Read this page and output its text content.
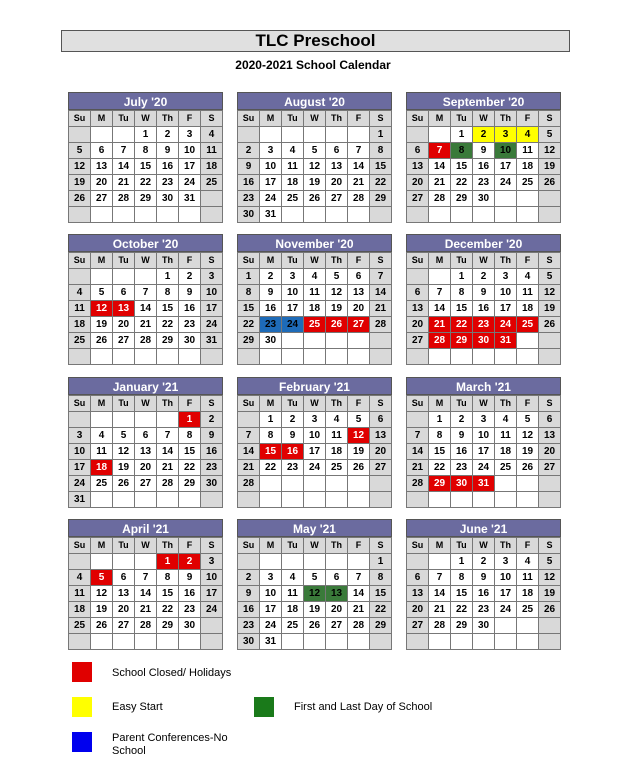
TLC Preschool
2020-2021 School Calendar
July '20
Su	M	Tu	W	Th	F	S
			1	2	3	4
5	6	7	8	9	10	11
12	13	14	15	16	17	18
19	20	21	22	23	24	25
26	27	28	29	30	31	

August '20
Su	M	Tu	W	Th	F	S
						1
2	3	4	5	6	7	8
9	10	11	12	13	14	15
16	17	18	19	20	21	22
23	24	25	26	27	28	29
30	31					
September '20
Su	M	Tu	W	Th	F	S
		1	2	3	4	5
6	7	8	9	10	11	12
13	14	15	16	17	18	19
20	21	22	23	24	25	26
27	28	29	30			

October '20
Su	M	Tu	W	Th	F	S
				1	2	3
4	5	6	7	8	9	10
11	12	13	14	15	16	17
18	19	20	21	22	23	24
25	26	27	28	29	30	31

November '20
Su	M	Tu	W	Th	F	S
1	2	3	4	5	6	7
8	9	10	11	12	13	14
15	16	17	18	19	20	21
22	23	24	25	26	27	28
29	30					

December '20
Su	M	Tu	W	Th	F	S
		1	2	3	4	5
6	7	8	9	10	11	12
13	14	15	16	17	18	19
20	21	22	23	24	25	26
27	28	29	30	31		

January '21
Su	M	Tu	W	Th	F	S
					1	2
3	4	5	6	7	8	9
10	11	12	13	14	15	16
17	18	19	20	21	22	23
24	25	26	27	28	29	30
31						
February '21
Su	M	Tu	W	Th	F	S
	1	2	3	4	5	6
7	8	9	10	11	12	13
14	15	16	17	18	19	20
21	22	23	24	25	26	27
28						

March '21
Su	M	Tu	W	Th	F	S
	1	2	3	4	5	6
7	8	9	10	11	12	13
14	15	16	17	18	19	20
21	22	23	24	25	26	27
28	29	30	31			

April '21
Su	M	Tu	W	Th	F	S
				1	2	3
4	5	6	7	8	9	10
11	12	13	14	15	16	17
18	19	20	21	22	23	24
25	26	27	28	29	30	

May '21
Su	M	Tu	W	Th	F	S
						1
2	3	4	5	6	7	8
9	10	11	12	13	14	15
16	17	18	19	20	21	22
23	24	25	26	27	28	29
30	31					
June '21
Su	M	Tu	W	Th	F	S
		1	2	3	4	5
6	7	8	9	10	11	12
13	14	15	16	17	18	19
20	21	22	23	24	25	26
27	28	29	30			

School Closed/ Holidays
Easy Start	First and Last Day of School
Parent Conferences-No School
